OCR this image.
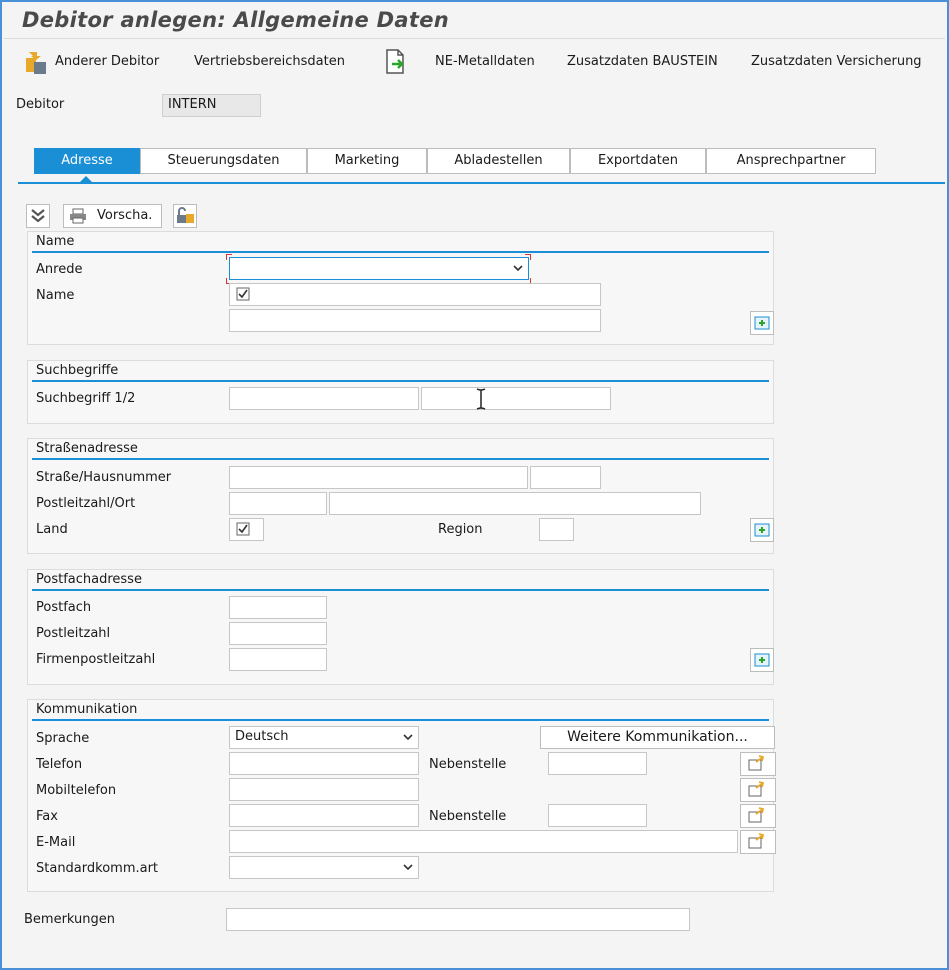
Debitor anlegen: Allgemeine Daten
Anderer Debitor	Vertriebsbereichsdaten	NE-Metalldaten Zusatzdaten BAUSTEIN	Zusatzdaten Versicherung
Debitor	INTERN
Adresse	Steuerungsdaten	Marketing	Abladestellen	Exportdaten	Ansprechpartner
Vorscha.
Name
Anrede
Name
Suchbegriffe
Suchbegriff 1/2
Straßenadresse
Straße/Hausnummer
Postleitzahl/Ort
Land	Region
Postfachadresse
Postfach
Postleitzahl
Firmenpostleitzahl
Kommunikation
Sprache	Deutsch	Weitere Kommunikation...
Telefon	Nebenstelle
Mobiltelefon
Fax	Nebenstelle
E-Mail
Standardkomm.art
Bemerkungen
